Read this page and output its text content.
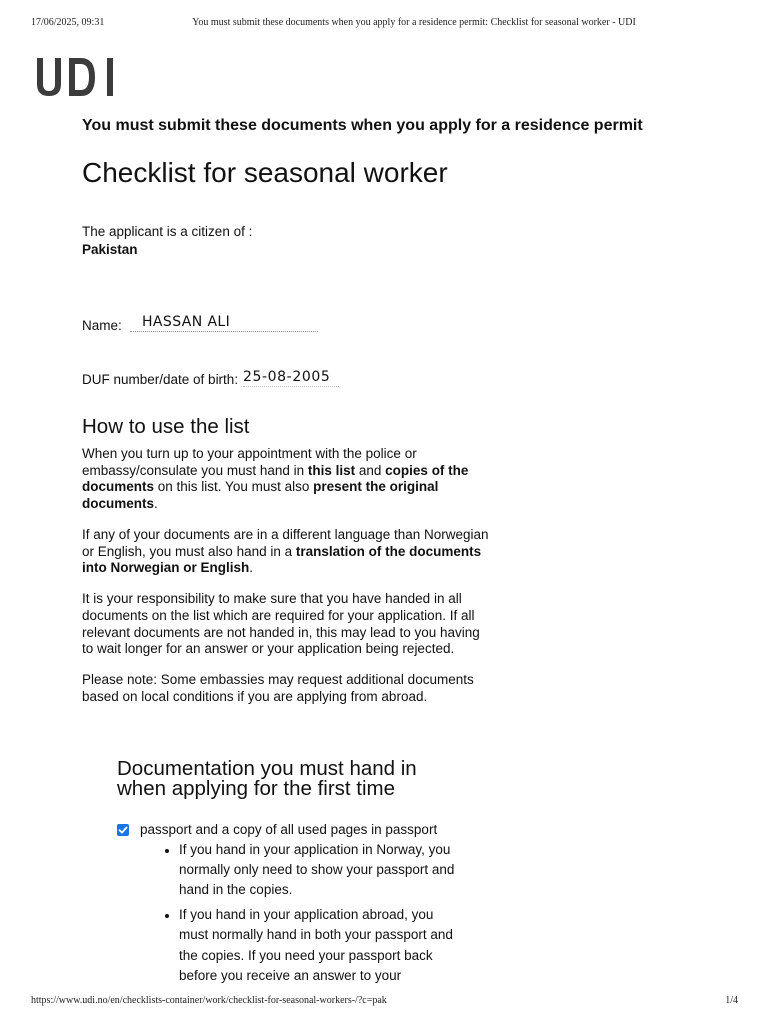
17/06/2025, 09:31	You must submit these documents when you apply for a residence permit: Checklist for seasonal worker - UDI
You must submit these documents when you apply for a residence permit
Checklist for seasonal worker
The applicant is a citizen of :
Pakistan
Name:	HASSAN ALI
DUF number/date of birth: 25-08-2005
How to use the list

When you turn up to your appointment with the police or embassy/consulate you must hand in this list and copies of the documents on this list. You must also present the original documents.

If any of your documents are in a different language than Norwegian or English, you must also hand in a translation of the documents into Norwegian or English.

It is your responsibility to make sure that you have handed in all documents on the list which are required for your application. If all relevant documents are not handed in, this may lead to you having to wait longer for an answer or your application being rejected.

Please note: Some embassies may request additional documents based on local conditions if you are applying from abroad.

Documentation you must hand in when applying for the first time
passport and a copy of all used pages in passport
If you hand in your application in Norway, you normally only need to show your passport and hand in the copies.
If you hand in your application abroad, you must normally hand in both your passport and the copies. If you need your passport back before you receive an answer to your
https://www.udi.no/en/checklists-container/work/checklist-for-seasonal-workers-/?c=pak	1/4
